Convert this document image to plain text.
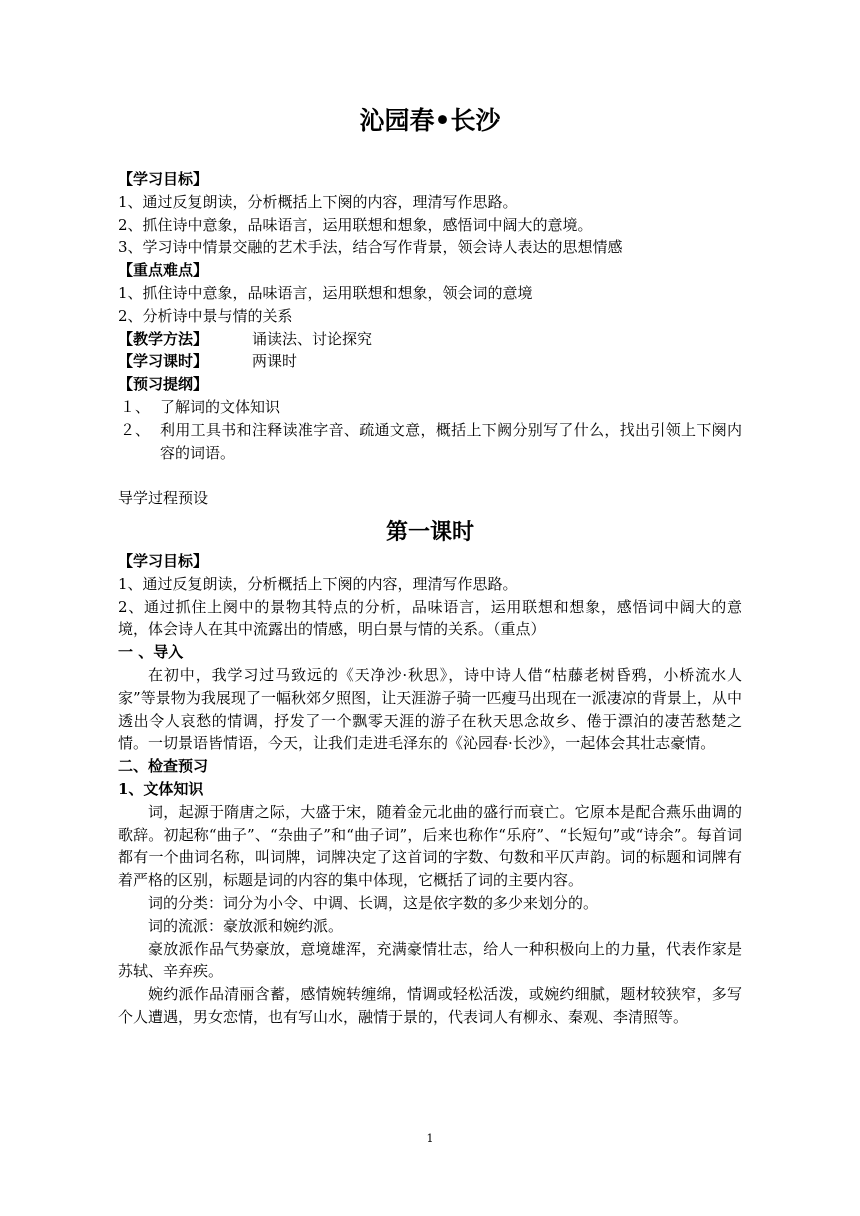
沁园春•长沙
【学习目标】
1、通过反复朗读，分析概括上下阕的内容，理清写作思路。
2、抓住诗中意象，品味语言，运用联想和想象，感悟词中阔大的意境。
3、学习诗中情景交融的艺术手法，结合写作背景，领会诗人表达的思想情感
【重点难点】
1、抓住诗中意象，品味语言，运用联想和想象，领会词的意境
2、分析诗中景与情的关系
【教学方法】	诵读法、讨论探究
【学习课时】	两课时
【预习提纲】
１、 了解词的文体知识
２、 利用工具书和注释读准字音、疏通文意，概括上下阙分别写了什么，找出引领上下阕内容的词语。
导学过程预设
第一课时
【学习目标】
1、通过反复朗读，分析概括上下阕的内容，理清写作思路。

2、通过抓住上阕中的景物其特点的分析，品味语言，运用联想和想象，感悟词中阔大的意境，体会诗人在其中流露出的情感，明白景与情的关系。（重点）

一 、导入

在初中，我学习过马致远的《天净沙·秋思》，诗中诗人借“枯藤老树昏鸦，小桥流水人家”等景物为我展现了一幅秋郊夕照图，让天涯游子骑一匹瘦马出现在一派凄凉的背景上，从中透出令人哀愁的情调，抒发了一个飘零天涯的游子在秋天思念故乡、倦于漂泊的凄苦愁楚之情。一切景语皆情语，今天，让我们走进毛泽东的《沁园春·长沙》，一起体会其壮志豪情。

二、检查预习
1、文体知识

词，起源于隋唐之际，大盛于宋，随着金元北曲的盛行而衰亡。它原本是配合燕乐曲调的歌辞。初起称“曲子”、“杂曲子”和“曲子词”，后来也称作“乐府”、“长短句”或“诗余”。每首词都有一个曲词名称，叫词牌，词牌决定了这首词的字数、句数和平仄声韵。词的标题和词牌有着严格的区别，标题是词的内容的集中体现，它概括了词的主要内容。

词的分类：词分为小令、中调、长调，这是依字数的多少来划分的。

词的流派：豪放派和婉约派。

豪放派作品气势豪放，意境雄浑，充满豪情壮志，给人一种积极向上的力量，代表作家是苏轼、辛弃疾。

婉约派作品清丽含蓄，感情婉转缠绵，情调或轻松活泼，或婉约细腻，题材较狭窄，多写个人遭遇，男女恋情，也有写山水，融情于景的，代表词人有柳永、秦观、李清照等。

1
